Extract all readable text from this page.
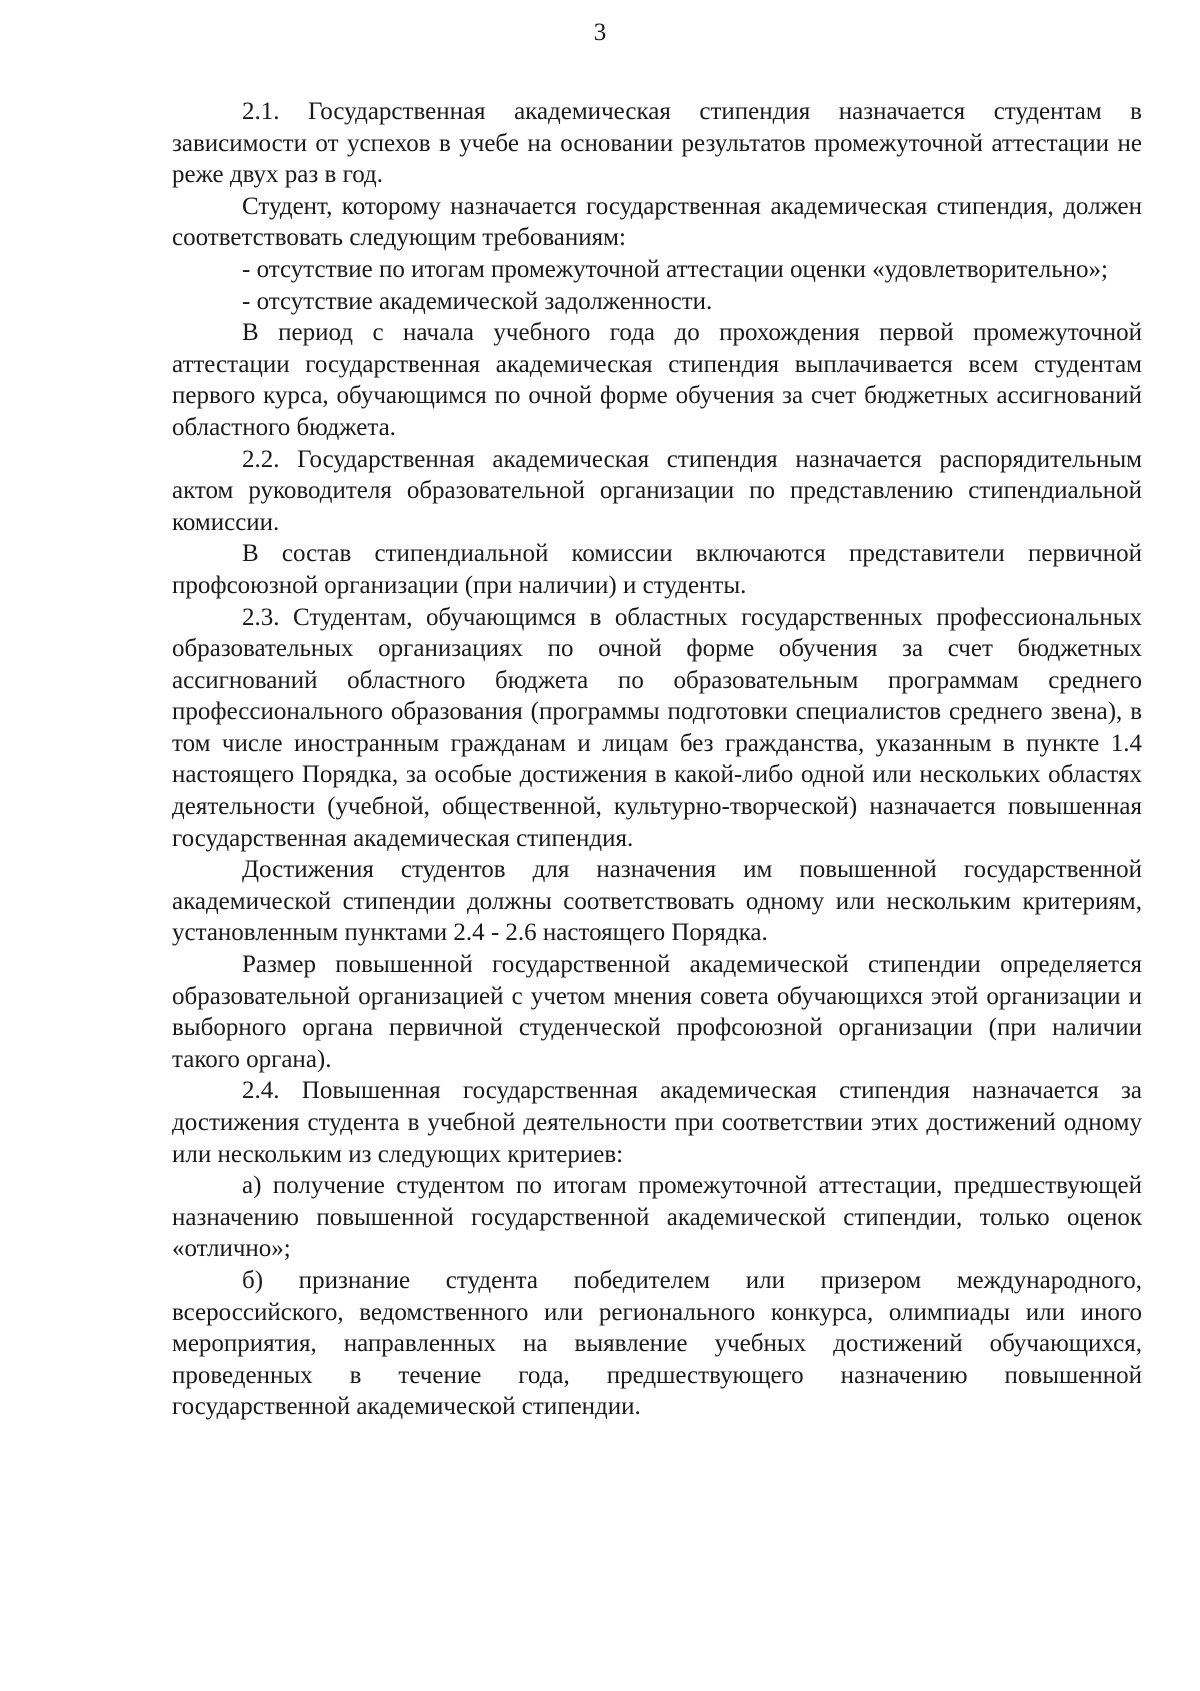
3

2.1. Государственная академическая стипендия назначается студентам в зависимости от успехов в учебе на основании результатов промежуточной аттестации не реже двух раз в год.

Студент, которому назначается государственная академическая стипендия, должен соответствовать следующим требованиям:

- отсутствие по итогам промежуточной аттестации оценки «удовлетворительно»;

- отсутствие академической задолженности.

В период с начала учебного года до прохождения первой промежуточной аттестации государственная академическая стипендия выплачивается всем студентам первого курса, обучающимся по очной форме обучения за счет бюджетных ассигнований областного бюджета.

2.2. Государственная академическая стипендия назначается распорядительным актом руководителя образовательной организации по представлению стипендиальной комиссии.

В состав стипендиальной комиссии включаются представители первичной профсоюзной организации (при наличии) и студенты.

2.3. Студентам, обучающимся в областных государственных профессиональных образовательных организациях по очной форме обучения за счет бюджетных ассигнований областного бюджета по образовательным программам среднего профессионального образования (программы подготовки специалистов среднего звена), в том числе иностранным гражданам и лицам без гражданства, указанным в пункте 1.4 настоящего Порядка, за особые достижения в какой-либо одной или нескольких областях деятельности (учебной, общественной, культурно-творческой) назначается повышенная государственная академическая стипендия.

Достижения студентов для назначения им повышенной государственной академической стипендии должны соответствовать одному или нескольким критериям, установленным пунктами 2.4 - 2.6 настоящего Порядка.

Размер повышенной государственной академической стипендии определяется образовательной организацией с учетом мнения совета обучающихся этой организации и выборного органа первичной студенческой профсоюзной организации (при наличии такого органа).

2.4. Повышенная государственная академическая стипендия назначается за достижения студента в учебной деятельности при соответствии этих достижений одному или нескольким из следующих критериев:

а) получение студентом по итогам промежуточной аттестации, предшествующей назначению повышенной государственной академической стипендии, только оценок «отлично»;

б) признание студента победителем или призером международного, всероссийского, ведомственного или регионального конкурса, олимпиады или иного мероприятия, направленных на выявление учебных достижений обучающихся, проведенных в течение года, предшествующего назначению повышенной государственной академической стипендии.
